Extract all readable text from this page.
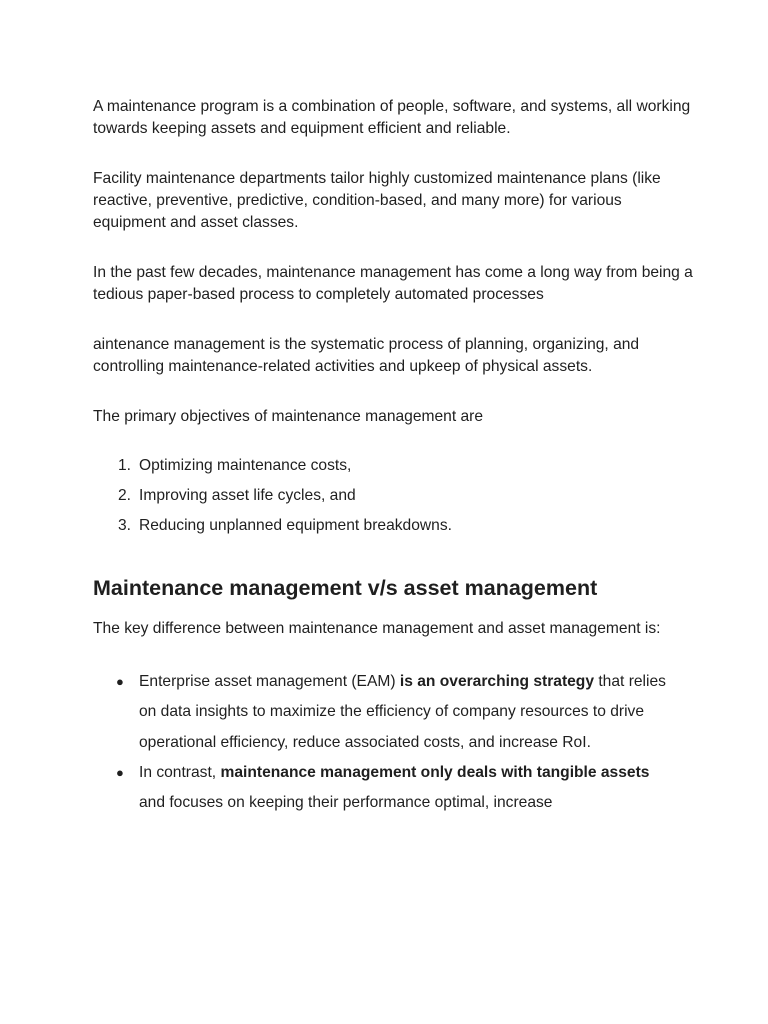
A maintenance program is a combination of people, software, and systems, all working towards keeping assets and equipment efficient and reliable.

Facility maintenance departments tailor highly customized maintenance plans (like reactive, preventive, predictive, condition-based, and many more) for various equipment and asset classes.

In the past few decades, maintenance management has come a long way from being a tedious paper-based process to completely automated processes

aintenance management is the systematic process of planning, organizing, and controlling maintenance-related activities and upkeep of physical assets.

The primary objectives of maintenance management are

1. Optimizing maintenance costs,
2. Improving asset life cycles, and
3. Reducing unplanned equipment breakdowns.
Maintenance management v/s asset management

The key difference between maintenance management and asset management is:

● Enterprise asset management (EAM) is an overarching strategy that relies on data insights to maximize the efficiency of company resources to drive operational efficiency, reduce associated costs, and increase RoI.
● In contrast, maintenance management only deals with tangible assets and focuses on keeping their performance optimal, increase
